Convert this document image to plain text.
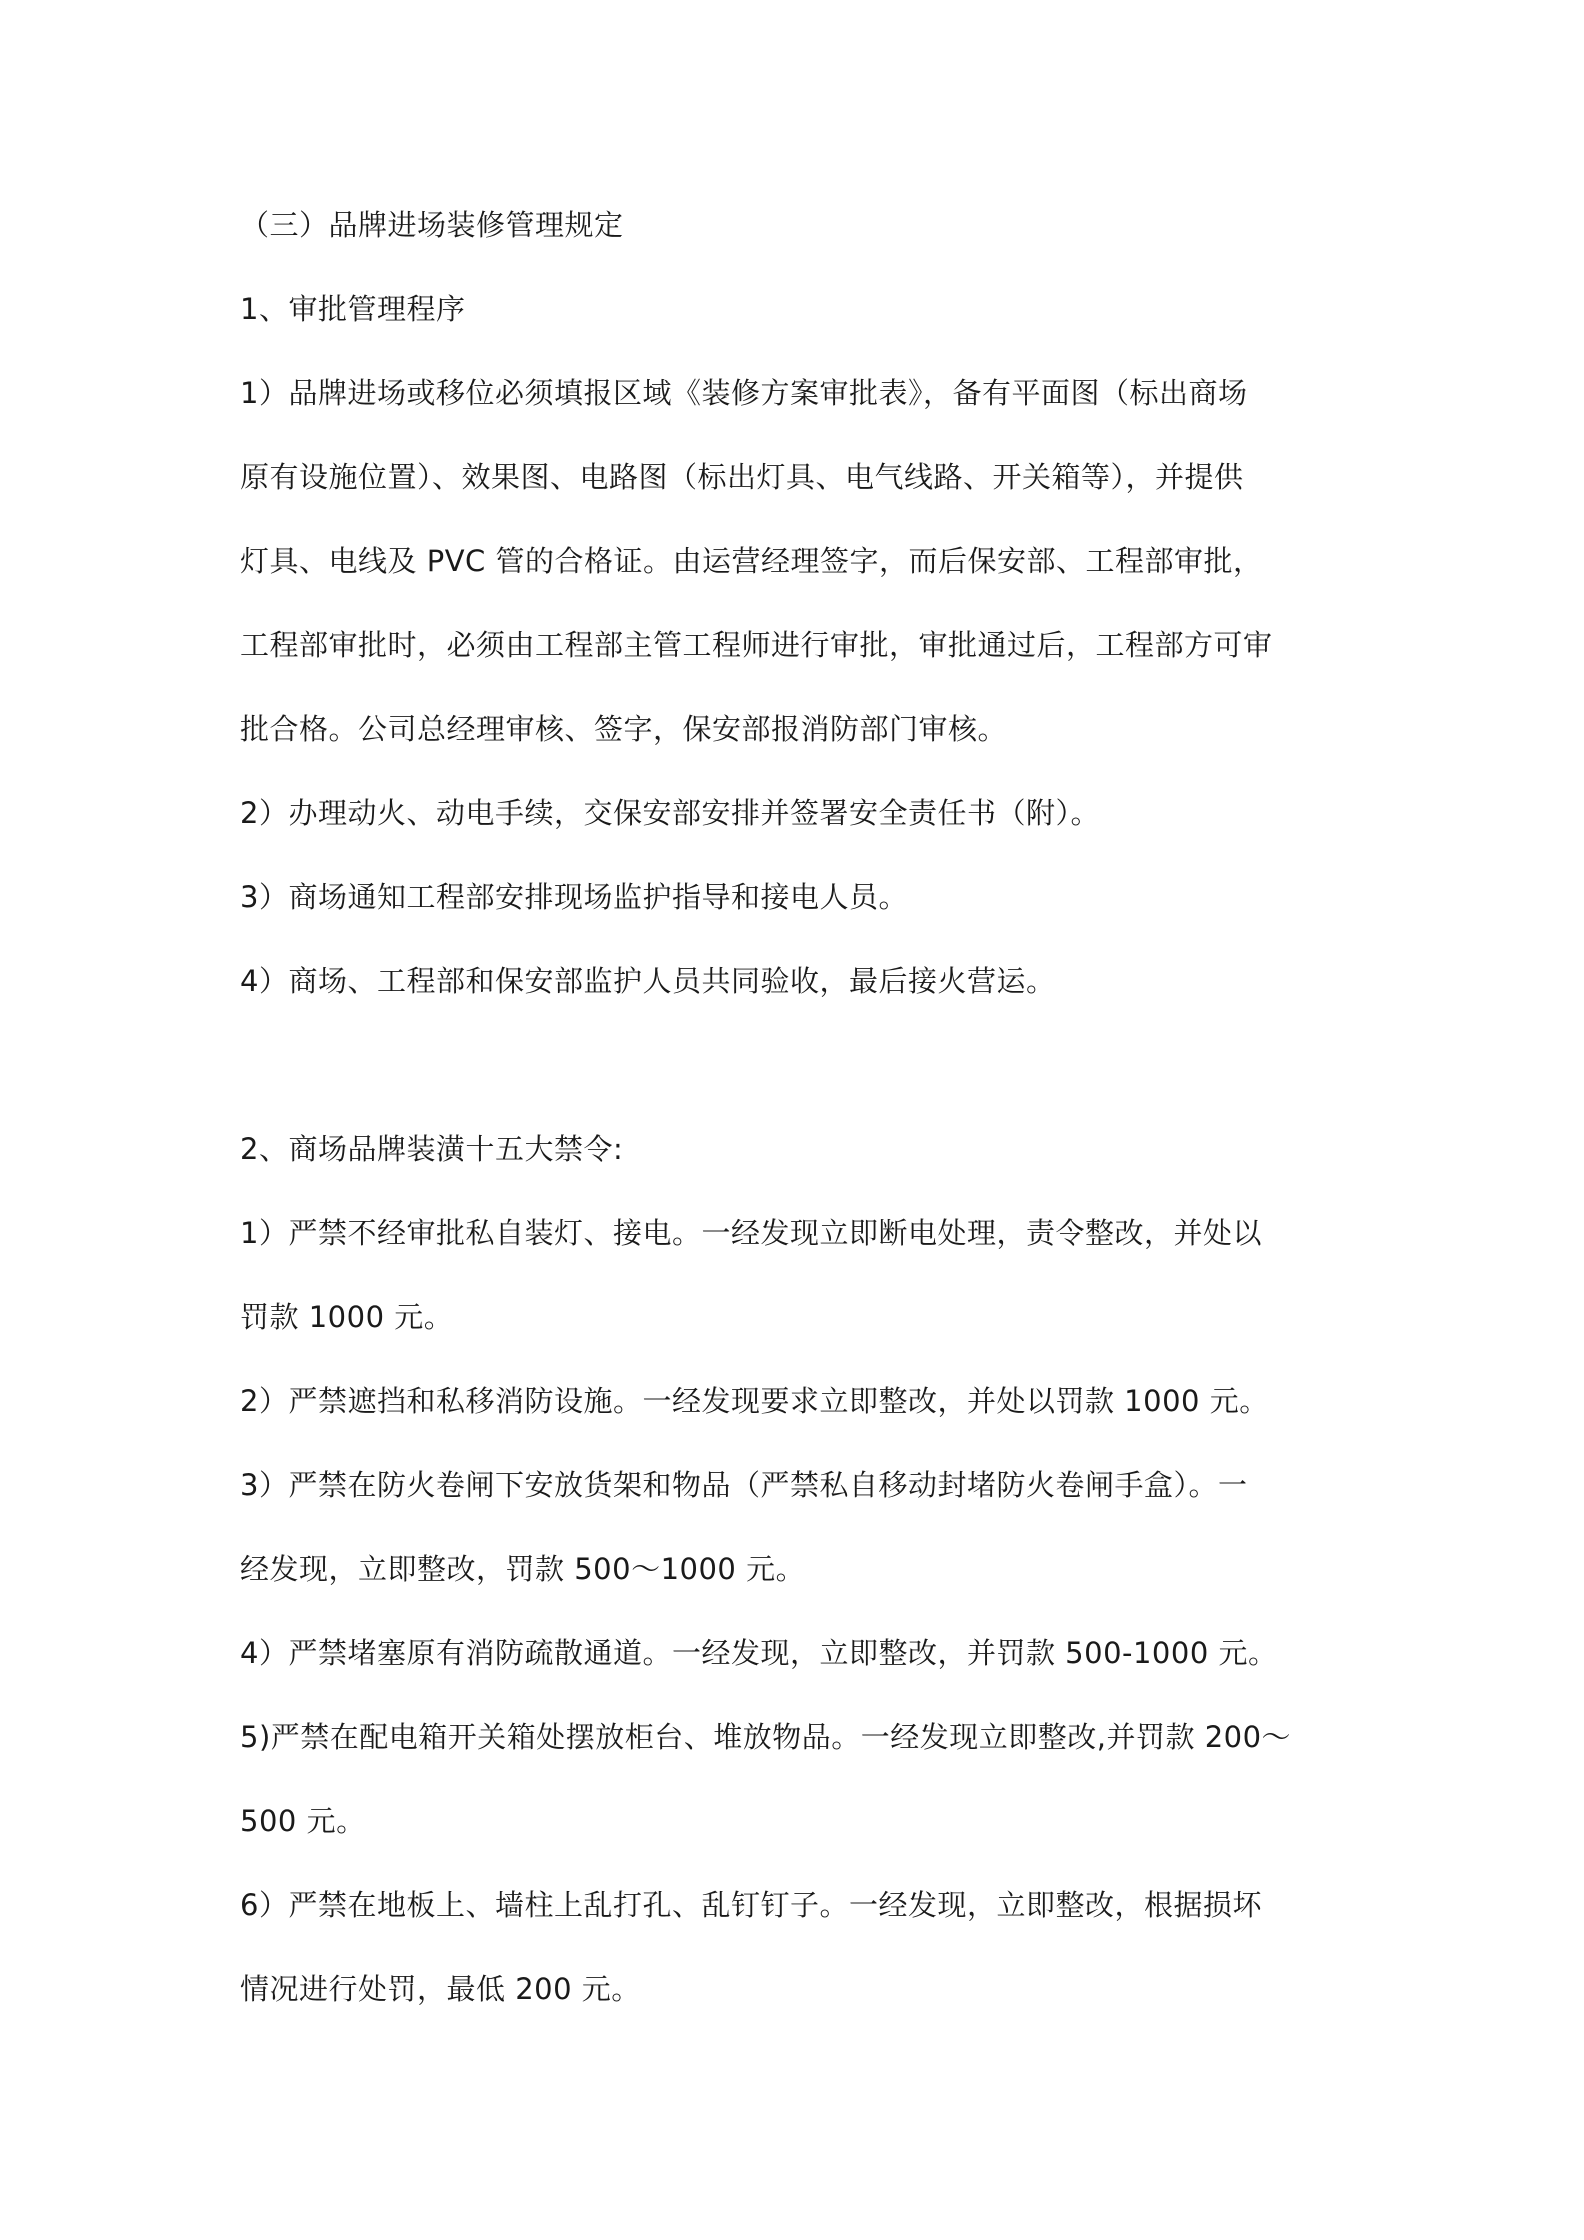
（三）品牌进场装修管理规定
1、审批管理程序
1）品牌进场或移位必须填报区域《装修方案审批表》，备有平面图（标出商场
原有设施位置）、效果图、电路图（标出灯具、电气线路、开关箱等），并提供
灯具、电线及 PVC 管的合格证。由运营经理签字，而后保安部、工程部审批，
工程部审批时，必须由工程部主管工程师进行审批，审批通过后，工程部方可审
批合格。公司总经理审核、签字，保安部报消防部门审核。
2）办理动火、动电手续，交保安部安排并签署安全责任书（附）。
3）商场通知工程部安排现场监护指导和接电人员。
4）商场、工程部和保安部监护人员共同验收，最后接火营运。
2、商场品牌装潢十五大禁令:
1）严禁不经审批私自装灯、接电。一经发现立即断电处理，责令整改，并处以
罚款 1000 元。
2）严禁遮挡和私移消防设施。一经发现要求立即整改，并处以罚款 1000 元。
3）严禁在防火卷闸下安放货架和物品（严禁私自移动封堵防火卷闸手盒）。一
经发现，立即整改，罚款 500～1000 元。
4）严禁堵塞原有消防疏散通道。一经发现，立即整改，并罚款 500-1000 元。
5)严禁在配电箱开关箱处摆放柜台、堆放物品。一经发现立即整改,并罚款 200～
500 元。
6）严禁在地板上、墙柱上乱打孔、乱钉钉子。一经发现，立即整改，根据损坏
情况进行处罚，最低 200 元。
